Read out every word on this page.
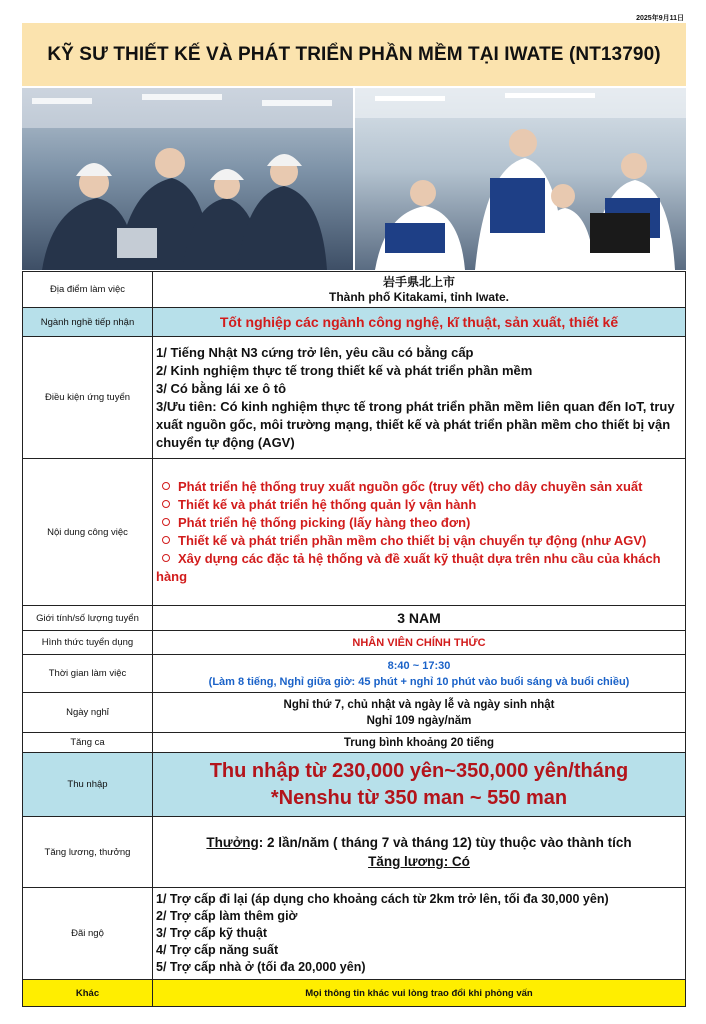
2025年9月11日
KỸ SƯ THIẾT KẾ VÀ PHÁT TRIỂN PHẦN MỀM TẠI IWATE (NT13790)
Địa điểm làm việc	岩手県北上市
Thành phố Kitakami, tỉnh Iwate.

Ngành nghề tiếp nhận	Tốt nghiệp các ngành công nghệ, kĩ thuật, sản xuất, thiết kế
Điều kiện ứng tuyển	1/ Tiếng Nhật N3 cứng trở lên, yêu cầu có bằng cấp
2/ Kinh nghiệm thực tế trong thiết kế và phát triển phần mềm
3/ Có bằng lái xe ô tô
3/Ưu tiên: Có kinh nghiệm thực tế trong phát triển phần mềm liên quan đến IoT, truy xuất nguồn gốc, môi trường mạng, thiết kế và phát triển phần mềm cho thiết bị vận chuyển tự động (AGV)

Nội dung công việc	Phát triển hệ thống truy xuất nguồn gốc (truy vết) cho dây chuyền sản xuất
Thiết kế và phát triển hệ thống quản lý vận hành
Phát triển hệ thống picking (lấy hàng theo đơn)
Thiết kế và phát triển phần mềm cho thiết bị vận chuyển tự động (như AGV)
Xây dựng các đặc tả hệ thống và đề xuất kỹ thuật dựa trên nhu cầu của khách hàng

Giới tính/số lượng tuyển	3 NAM
Hình thức tuyển dụng	NHÂN VIÊN CHÍNH THỨC
Thời gian làm việc	8:40 ~ 17:30
(Làm 8 tiếng, Nghỉ giữa giờ: 45 phút + nghỉ 10 phút vào buổi sáng và buổi chiều)

Ngày nghỉ	Nghỉ thứ 7, chủ nhật và ngày lễ và ngày sinh nhật
Nghỉ 109 ngày/năm

Tăng ca	Trung bình khoảng 20 tiếng
Thu nhập	Thu nhập từ 230,000 yên~350,000 yên/tháng
*Nenshu từ 350 man ~ 550 man

Tăng lương, thưởng	Thưởng: 2 lần/năm ( tháng 7 và tháng 12) tùy thuộc vào thành tích
Tăng lương: Có

Đãi ngộ	1/ Trợ cấp đi lại (áp dụng cho khoảng cách từ 2km trở lên, tối đa 30,000 yên)
2/ Trợ cấp làm thêm giờ
3/ Trợ cấp kỹ thuật
4/ Trợ cấp năng suất
5/ Trợ cấp nhà ở (tối đa 20,000 yên)

Khác	Mọi thông tin khác vui lòng trao đổi khi phỏng vấn
